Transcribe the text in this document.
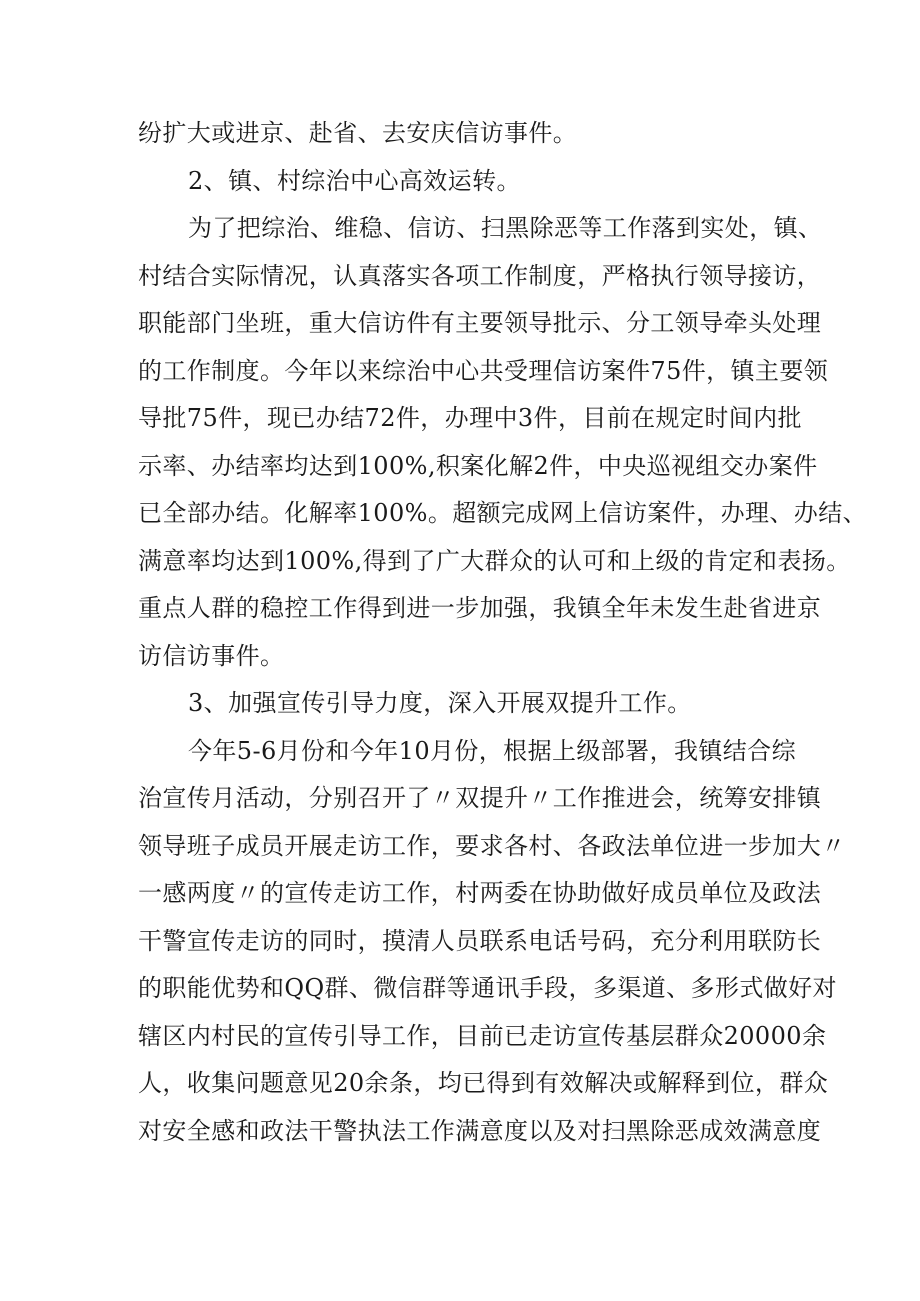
纷扩大或进京、赴省、去安庆信访事件。
2、镇、村综治中心高效运转。
为了把综治、维稳、信访、扫黑除恶等工作落到实处，镇、
村结合实际情况，认真落实各项工作制度，严格执行领导接访，
职能部门坐班，重大信访件有主要领导批示、分工领导牵头处理
的工作制度。今年以来综治中心共受理信访案件75件，镇主要领
导批75件，现已办结72件，办理中3件，目前在规定时间内批
示率、办结率均达到100%,积案化解2件，中央巡视组交办案件
已全部办结。化解率100%。超额完成网上信访案件，办理、办结、
满意率均达到100%,得到了广大群众的认可和上级的肯定和表扬。
重点人群的稳控工作得到进一步加强，我镇全年未发生赴省进京
访信访事件。
3、加强宣传引导力度，深入开展双提升工作。
今年5-6月份和今年10月份，根据上级部署，我镇结合综
治宣传月活动，分别召开了〃双提升〃工作推进会，统筹安排镇
领导班子成员开展走访工作，要求各村、各政法单位进一步加大〃
一感两度〃的宣传走访工作，村两委在协助做好成员单位及政法
干警宣传走访的同时，摸清人员联系电话号码，充分利用联防长
的职能优势和QQ群、微信群等通讯手段，多渠道、多形式做好对
辖区内村民的宣传引导工作，目前已走访宣传基层群众20000余
人，收集问题意见20余条，均已得到有效解决或解释到位，群众
对安全感和政法干警执法工作满意度以及对扫黑除恶成效满意度
